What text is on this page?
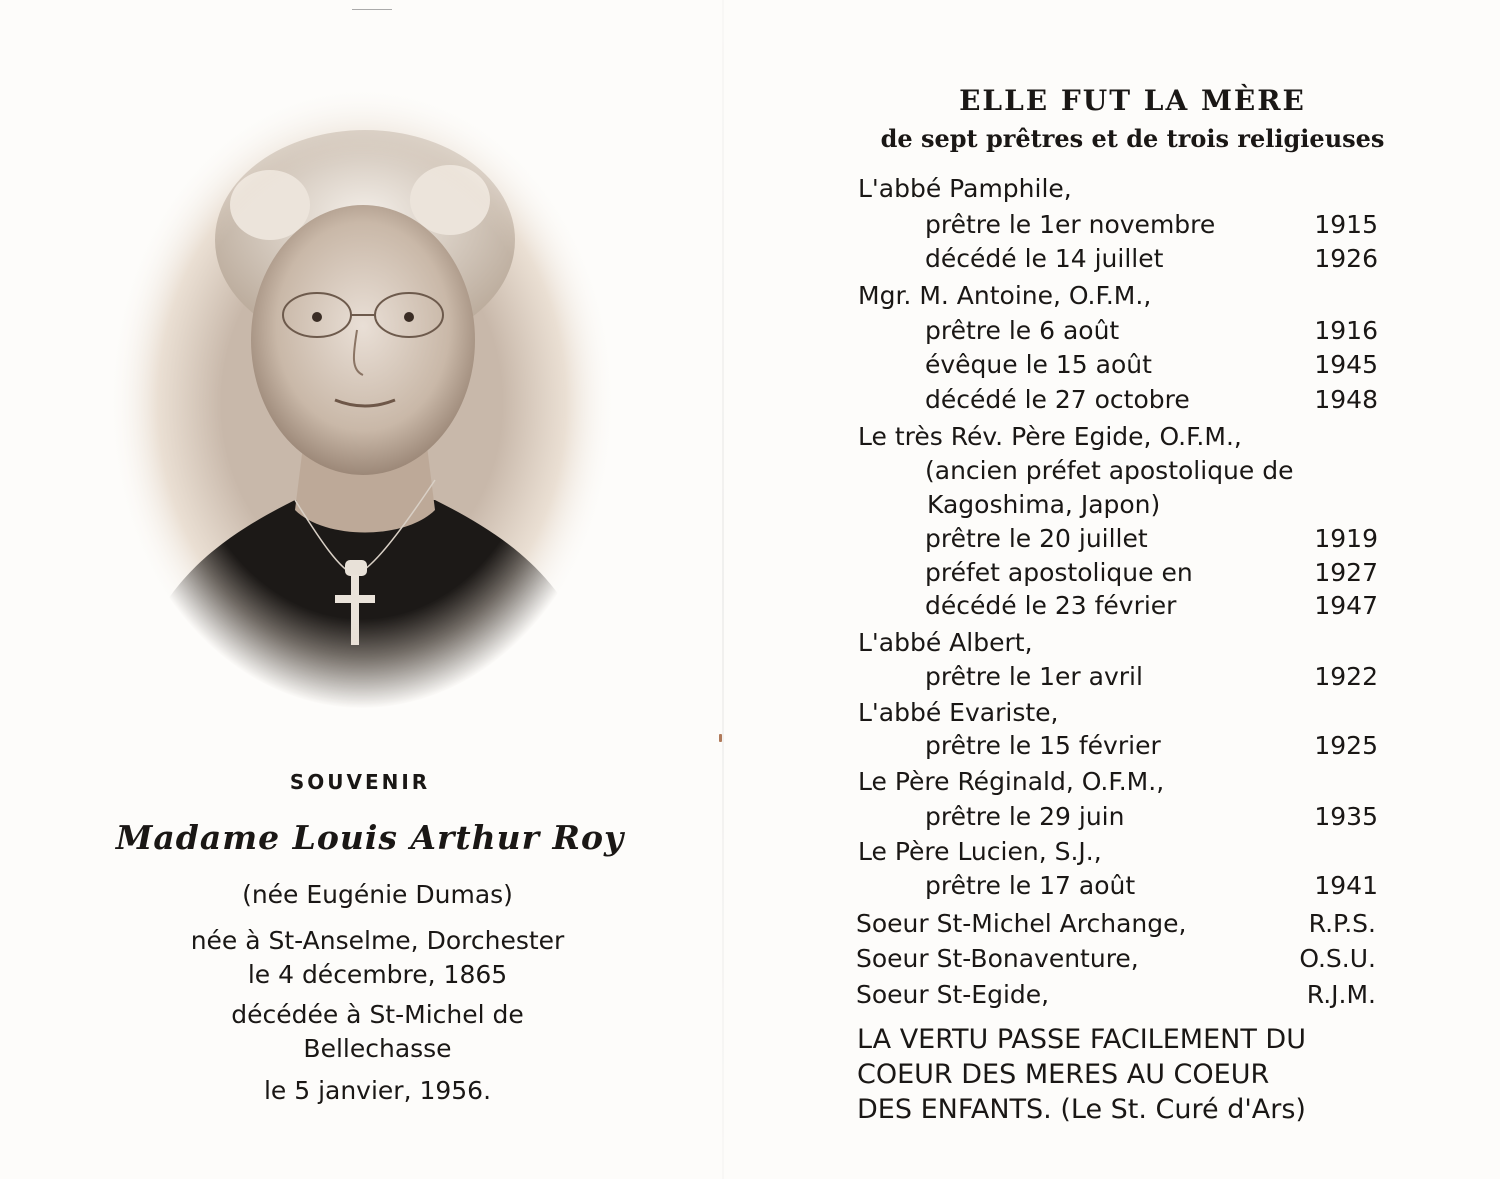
SOUVENIR
Madame Louis Arthur Roy
(née Eugénie Dumas)

née à St-Anselme, Dorchester

le 4 décembre, 1865

décédée à St-Michel de

Bellechasse

le 5 janvier, 1956.
ELLE FUT LA MÈRE
de sept prêtres et de trois religieuses
L'abbé Pamphile,
prêtre le 1er novembre	1915
décédé le 14 juillet	1926
Mgr. M. Antoine, O.F.M.,
prêtre le 6 août	1916
évêque le 15 août	1945
décédé le 27 octobre	1948
Le très Rév. Père Egide, O.F.M.,
(ancien préfet apostolique de
Kagoshima, Japon)
prêtre le 20 juillet	1919
préfet apostolique en	1927
décédé le 23 février	1947
L'abbé Albert,
prêtre le 1er avril	1922
L'abbé Evariste,
prêtre le 15 février	1925
Le Père Réginald, O.F.M.,
prêtre le 29 juin	1935
Le Père Lucien, S.J.,
prêtre le 17 août	1941
Soeur St-Michel Archange,	R.P.S.
Soeur St-Bonaventure,	O.S.U.
Soeur St-Egide,	R.J.M.

LA VERTU PASSE FACILEMENT DU

COEUR DES MERES AU COEUR

DES ENFANTS. (Le St. Curé d'Ars)
